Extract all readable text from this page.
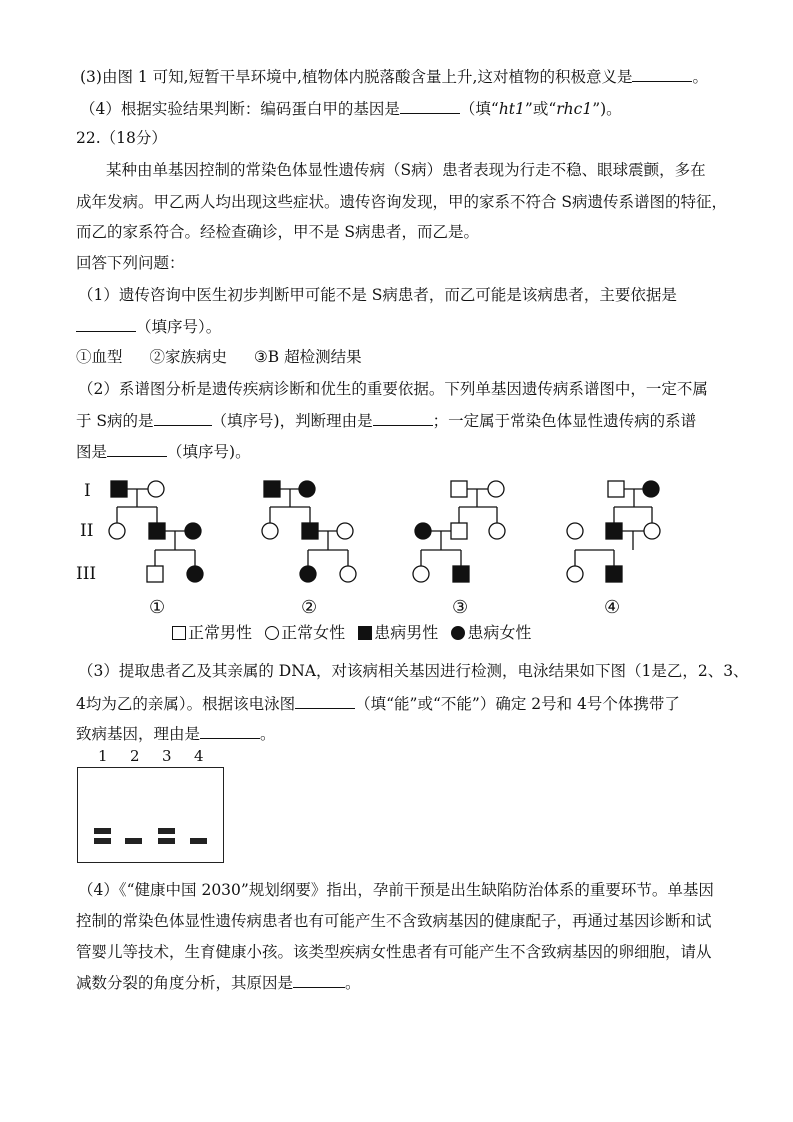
(3)由图 1 可知,短暂干旱环境中,植物体内脱落酸含量上升,这对植物的积极意义是	。
（4）根据实验结果判断：编码蛋白甲的基因是	（填“ht1”或“rhc1”)。
22.（18分）
某种由单基因控制的常染色体显性遗传病（S病）患者表现为行走不稳、眼球震颤，多在
成年发病。甲乙两人均出现这些症状。遗传咨询发现，甲的家系不符合 S病遗传系谱图的特征，
而乙的家系符合。经检查确诊，甲不是 S病患者，而乙是。
回答下列问题：
（1）遗传咨询中医生初步判断甲可能不是 S病患者，而乙可能是该病患者，主要依据是
（填序号）。
①血型 ②家族病史 ③B 超检测结果
（2）系谱图分析是遗传疾病诊断和优生的重要依据。下列单基因遗传病系谱图中，一定不属
于 S病的是	（填序号)，判断理由是	；一定属于常染色体显性遗传病的系谱
图是	（填序号)。
I
II
III
①	②	③	④
正常男性 正常女性 患病男性 患病女性
（3）提取患者乙及其亲属的 DNA，对该病相关基因进行检测，电泳结果如下图（1是乙，2、3、
4均为乙的亲属）。根据该电泳图	（填“能”或“不能”）确定 2号和 4号个体携带了
致病基因，理由是	。
1 2 3 4
（4）《“健康中国 2030”规划纲要》指出，孕前干预是出生缺陷防治体系的重要环节。单基因
控制的常染色体显性遗传病患者也有可能产生不含致病基因的健康配子，再通过基因诊断和试
管婴儿等技术，生育健康小孩。该类型疾病女性患者有可能产生不含致病基因的卵细胞，请从
减数分裂的角度分析，其原因是	。
